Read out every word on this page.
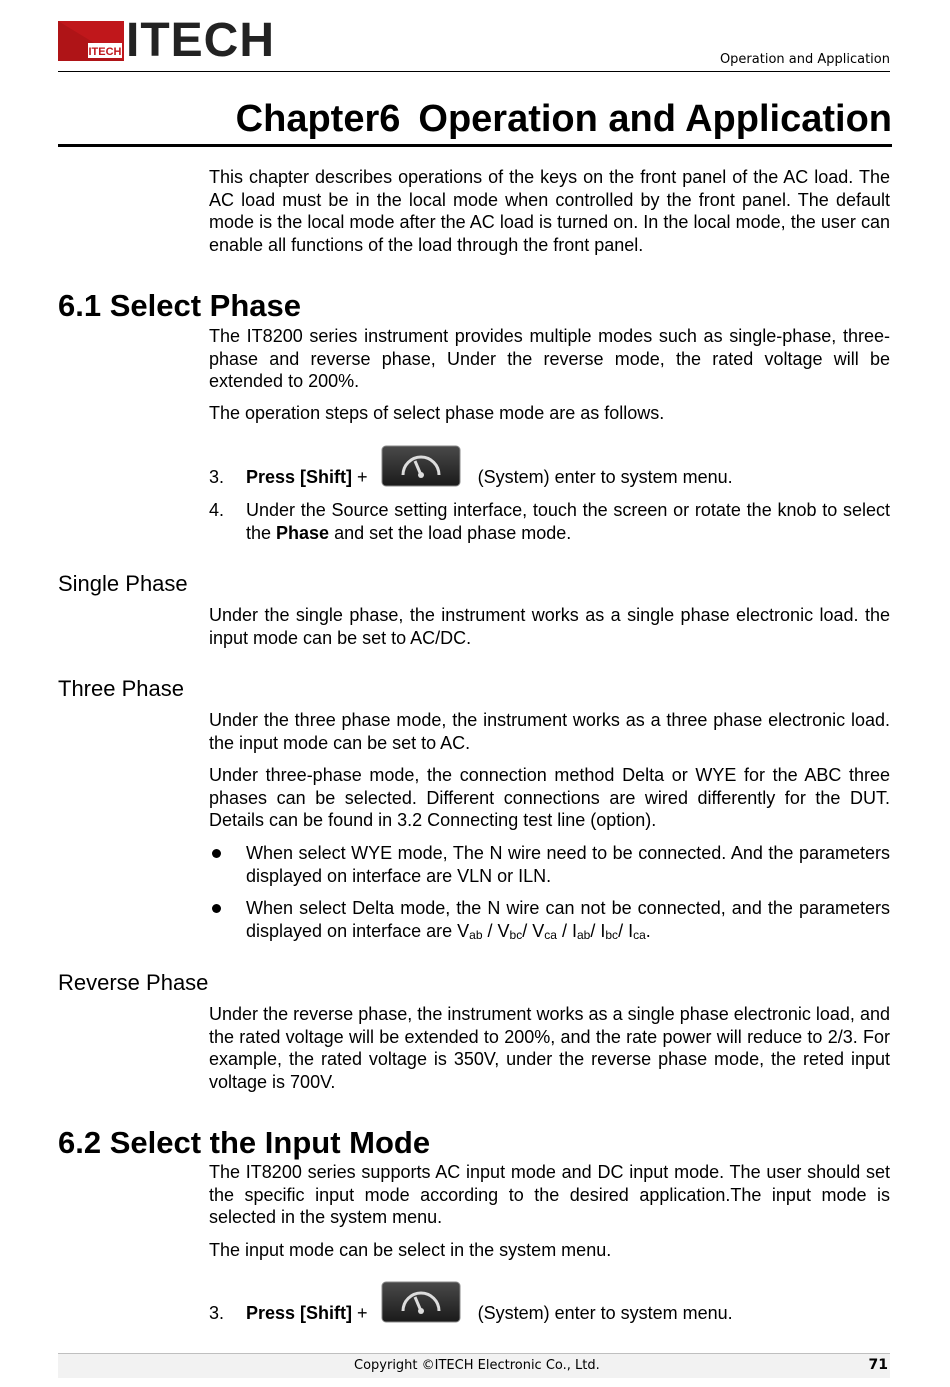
ITECH ITECH	Operation and Application
Chapter6 Operation and Application
This chapter describes operations of the keys on the front panel of the AC load. The AC load must be in the local mode when controlled by the front panel. The default mode is the local mode after the AC load is turned on. In the local mode, the user can enable all functions of the load through the front panel.
6.1 Select Phase
The IT8200 series instrument provides multiple modes such as single-phase, three-phase and reverse phase, Under the reverse mode, the rated voltage will be extended to 200%.
The operation steps of select phase mode are as follows.
3. Press [Shift] +	(System) enter to system menu.
4. Under the Source setting interface, touch the screen or rotate the knob to select the Phase and set the load phase mode.
Single Phase
Under the single phase, the instrument works as a single phase electronic load. the input mode can be set to AC/DC.
Three Phase
Under the three phase mode, the instrument works as a three phase electronic load. the input mode can be set to AC.
Under three-phase mode, the connection method Delta or WYE for the ABC three phases can be selected. Different connections are wired differently for the DUT. Details can be found in 3.2 Connecting test line (option).
When select WYE mode, The N wire need to be connected. And the parameters displayed on interface are VLN or ILN.
When select Delta mode, the N wire can not be connected, and the parameters displayed on interface are $V_{ab} / V_{bc}/$ $V_{ca} / I_{ab}/$ $I_{bc}/$ $I_{ca}$.
Reverse Phase
Under the reverse phase, the instrument works as a single phase electronic load, and the rated voltage will be extended to 200%, and the rate power will reduce to 2/3. For example, the rated voltage is 350V, under the reverse phase mode, the reted input voltage is 700V.
6.2 Select the Input Mode
The IT8200 series supports AC input mode and DC input mode. The user should set the specific input mode according to the desired application.The input mode is selected in the system menu.
The input mode can be select in the system menu.
3. Press [Shift] +	(System) enter to system menu.
Copyright ©ITECH Electronic Co., Ltd.	71
